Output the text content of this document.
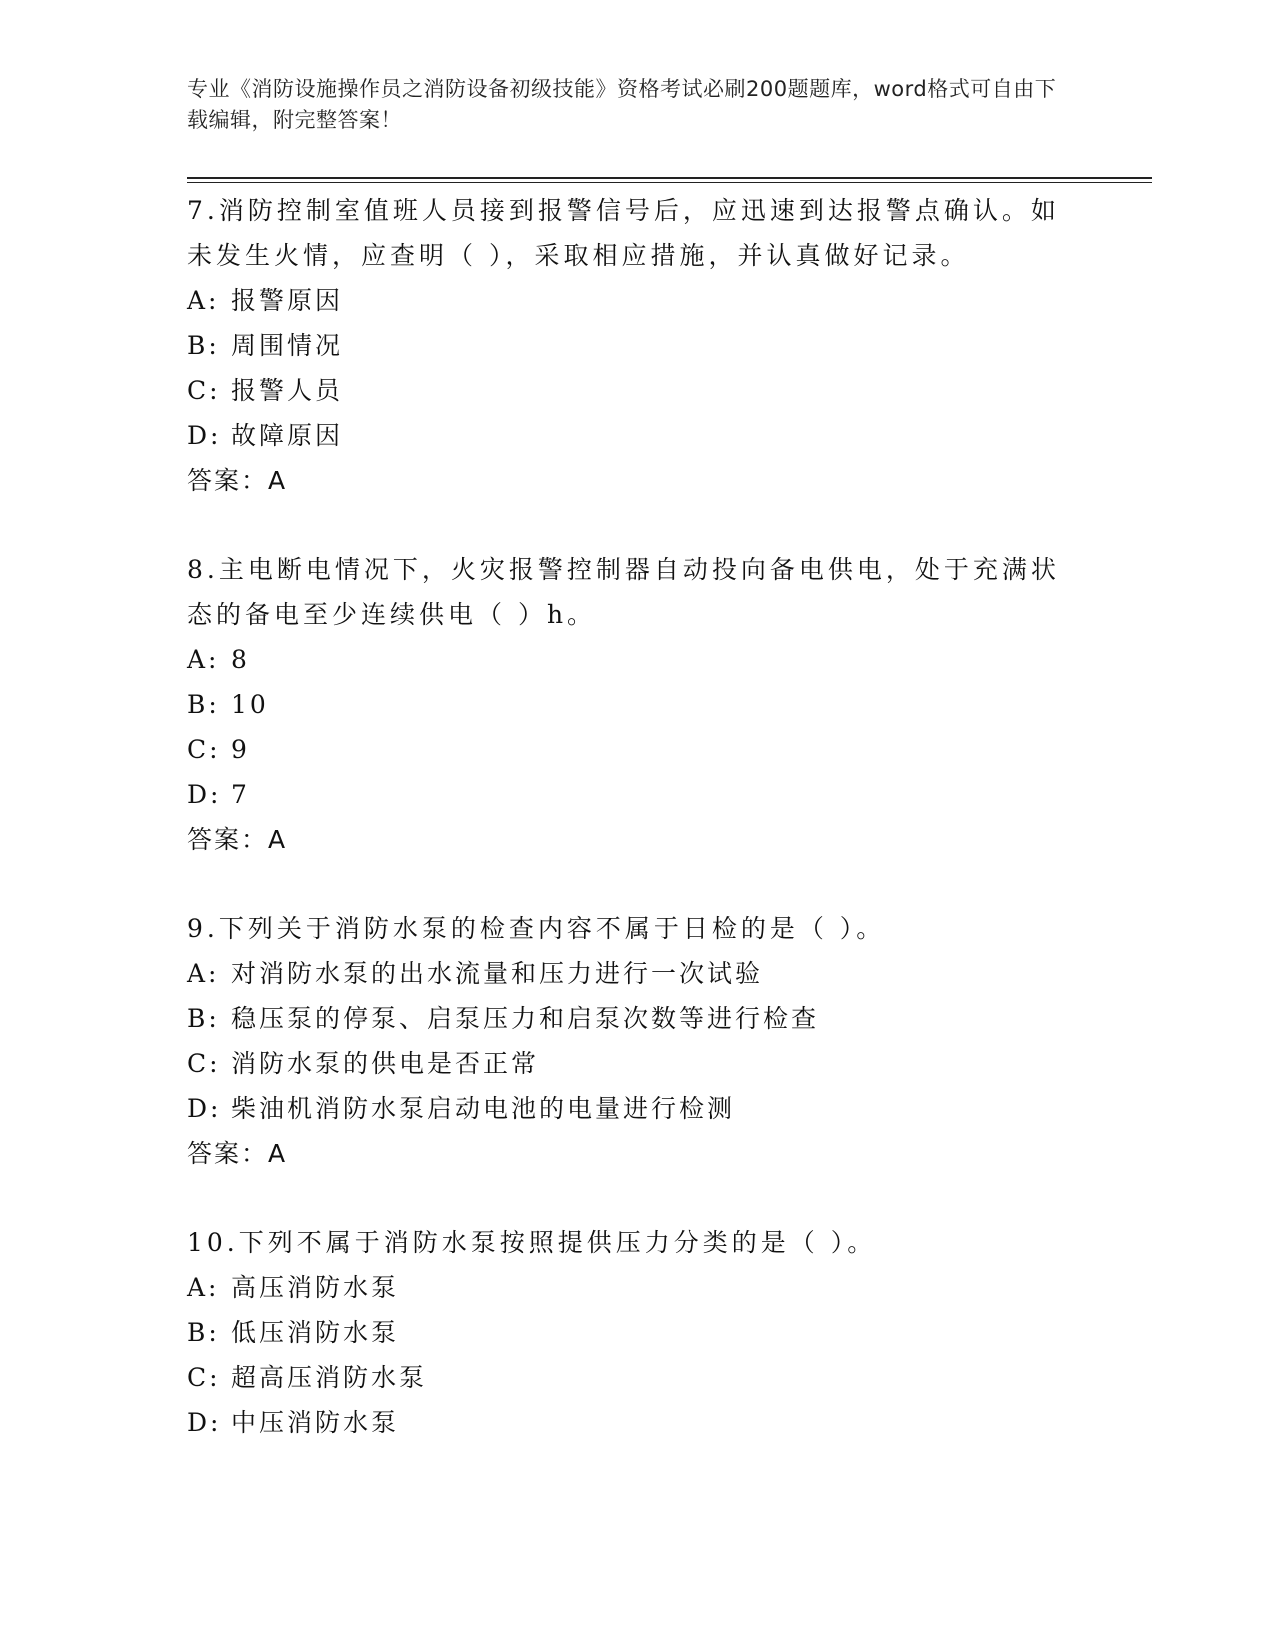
专业《消防设施操作员之消防设备初级技能》资格考试必刷200题题库，word格式可自由下载编辑，附完整答案！

7.消防控制室值班人员接到报警信号后，应迅速到达报警点确认。如未发生火情，应查明（ ），采取相应措施，并认真做好记录。

A: 报警原因
B: 周围情况
C: 报警人员
D: 故障原因

答案：A

8.主电断电情况下，火灾报警控制器自动投向备电供电，处于充满状态的备电至少连续供电（ ）h。

A: 8
B: 10
C: 9
D: 7

答案：A

9.下列关于消防水泵的检查内容不属于日检的是（ ）。

A: 对消防水泵的出水流量和压力进行一次试验
B: 稳压泵的停泵、启泵压力和启泵次数等进行检查
C: 消防水泵的供电是否正常
D: 柴油机消防水泵启动电池的电量进行检测

答案：A

10.下列不属于消防水泵按照提供压力分类的是（ ）。

A: 高压消防水泵
B: 低压消防水泵
C: 超高压消防水泵
D: 中压消防水泵
